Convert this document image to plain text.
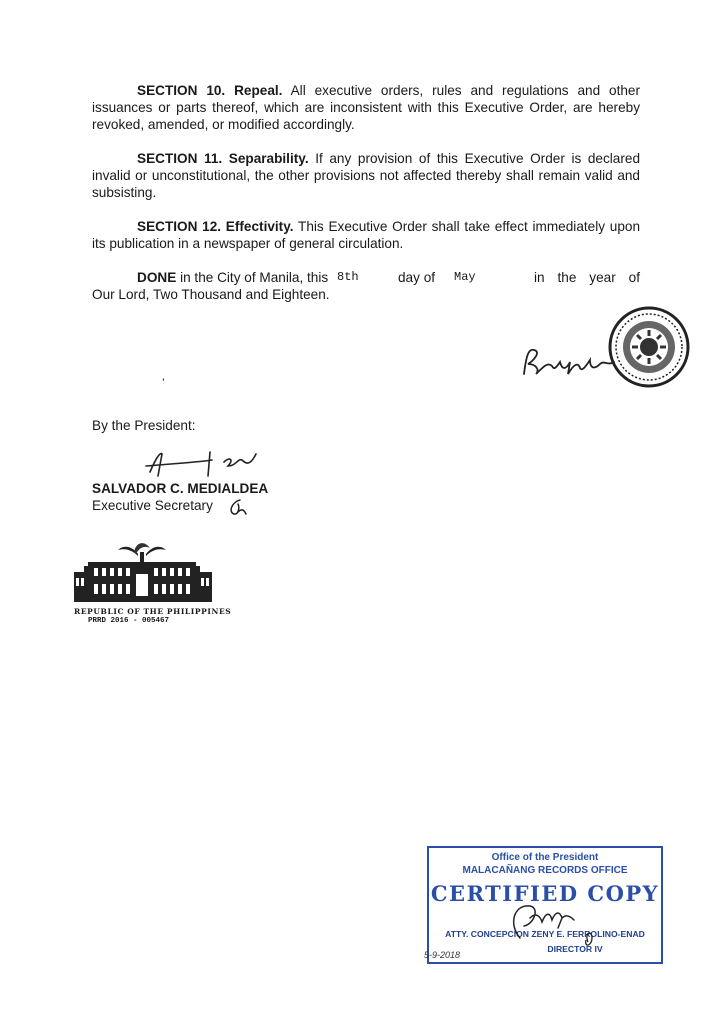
SECTION 10. Repeal. All executive orders, rules and regulations and other issuances or parts thereof, which are inconsistent with this Executive Order, are hereby revoked, amended, or modified accordingly.
SECTION 11. Separability. If any provision of this Executive Order is declared invalid or unconstitutional, the other provisions not affected thereby shall remain valid and subsisting.
SECTION 12. Effectivity. This Executive Order shall take effect immediately upon its publication in a newspaper of general circulation.
DONE in the City of Manila, this 8th	day of May	in the year of
Our Lord, Two Thousand and Eighteen.
’
By the President:
SALVADOR C. MEDIALDEA
Executive Secretary
REPUBLIC OF THE PHILIPPINES
PRRD 2016 - 005467
Office of the President
MALACAÑANG RECORDS OFFICE
CERTIFIED COPY
ATTY. CONCEPCION ZENY E. FERROLINO-ENAD
DIRECTOR IV
5-9-2018
